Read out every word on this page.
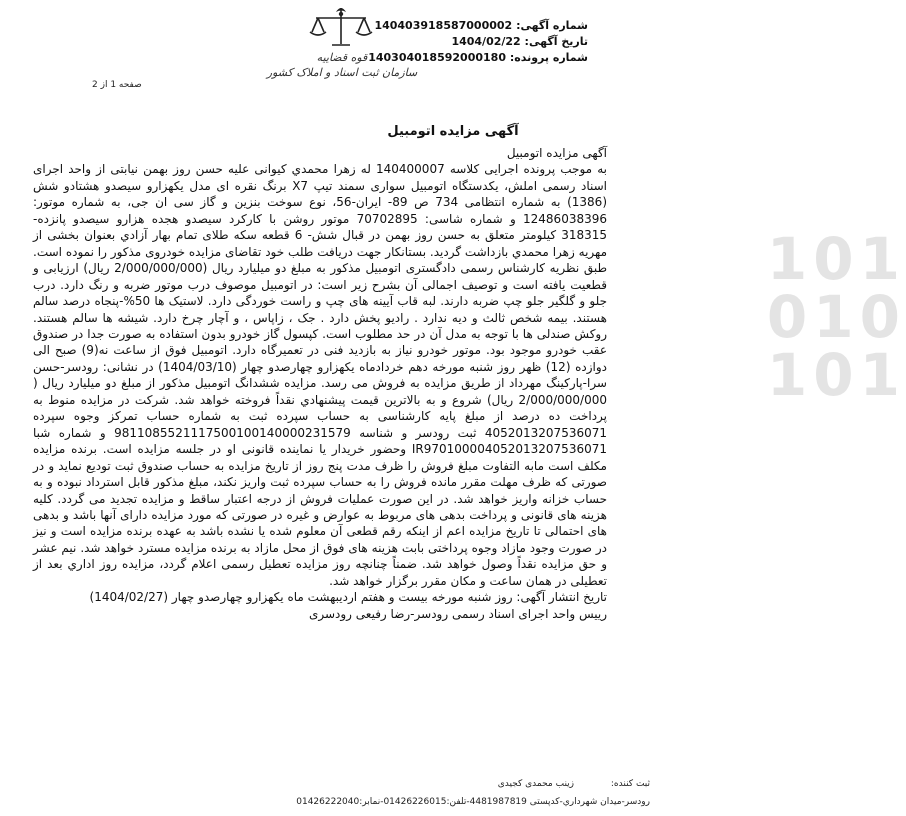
شماره آگهی: 140403918587000002
تاریخ آگهی: 1404/02/22
شماره پرونده: 140304018592000180
قوه قضاییه
سازمان ثبت اسناد و املاک کشور
صفحه 1 از 2
آگهی مزایده اتومبیل
101
010
101

آگهی مزایده اتومبیل

به موجب پرونده اجرایی کلاسه 140400007 له زهرا محمدي کیوانی علیه حسن روز بهمن نیابتی از واحد اجرای اسناد رسمی املش، یکدستگاه اتومبیل سواری سمند تیپ X7 برنگ نقره ای مدل یکهزارو سیصدو هشتادو شش (1386) به شماره انتظامی 734 ص 89- ایران-56، نوع سوخت بنزین و گاز سی ان جی، به شماره موتور: 12486038396 و شماره شاسی: 70702895 موتور روشن با کارکرد سیصدو هجده هزارو سیصدو پانزده- 318315 کیلومتر متعلق به حسن روز بهمن در قبال شش- 6 قطعه سکه طلای تمام بهار آزادي بعنوان بخشی از مهریه زهرا محمدي بازداشت گردید. بستانکار جهت دریافت طلب خود تقاضای مزایده خودروی مذکور را نموده است. طبق نظریه کارشناس رسمی دادگستری اتومبیل مذکور به مبلغ دو میلیارد ریال (2/000/000/000 ریال) ارزیابی و قطعیت یافته است و توصیف اجمالی آن بشرح زیر است: در اتومبیل موصوف درب موتور ضربه و رنگ دارد. درب جلو و گلگیر جلو چپ ضربه دارند. لبه قاب آیینه های چپ و راست خوردگی دارد. لاستیک ها 50%-پنجاه درصد سالم هستند. بیمه شخص ثالث و دیه ندارد . رادیو پخش دارد . جک ، زاپاس ، و آچار چرخ دارد. شیشه ها سالم هستند. روکش صندلی ها با توجه به مدل آن در حد مطلوب است. کپسول گاز خودرو بدون استفاده به صورت جدا در صندوق عقب خودرو موجود بود. موتور خودرو نیاز به بازدید فنی در تعمیرگاه دارد. اتومبیل فوق از ساعت نه(9) صبح الی دوازده (12) ظهر روز شنبه مورخه دهم خردادماه یکهزارو چهارصدو چهار (1404/03/10) در نشانی: رودسر-حسن سرا-پارکینگ مهرداد از طریق مزایده به فروش می رسد. مزایده ششدانگ اتومبیل مذکور از مبلغ دو میلیارد ریال ( 2/000/000/000 ریال) شروع و به بالاترین قیمت پیشنهادي نقداً فروخته خواهد شد. شرکت در مزایده منوط به پرداخت ده درصد از مبلغ پایه کارشناسی به حساب سپرده ثبت به شماره حساب تمرکز وجوه سپرده 4052013207536071 ثبت رودسر و شناسه 9811085521117500100140000231579 و شماره شبا IR970100004052013207536071 وحضور خریدار یا نماینده قانونی او در جلسه مزایده است. برنده مزایده مکلف است مابه التفاوت مبلغ فروش را ظرف مدت پنج روز از تاریخ مزایده به حساب صندوق ثبت تودیع نماید و در صورتی که ظرف مهلت مقرر مانده فروش را به حساب سپرده ثبت واریز نکند، مبلغ مذکور قابل استرداد نبوده و به حساب خزانه واریز خواهد شد. در این صورت عملیات فروش از درجه اعتبار ساقط و مزایده تجدید می گردد. کلیه هزینه های قانونی و پرداخت بدهی های مربوط به عوارض و غیره در صورتی که مورد مزایده دارای آنها باشد و بدهی های احتمالی تا تاریخ مزایده اعم از اینکه رقم قطعی آن معلوم شده یا نشده باشد به عهده برنده مزایده است و نیز در صورت وجود مازاد وجوه پرداختی بابت هزینه های فوق از محل مازاد به برنده مزایده مسترد خواهد شد. نیم عشر و حق مزایده نقداً وصول خواهد شد. ضمناً چنانچه روز مزایده تعطیل رسمی اعلام گردد، مزایده روز اداري بعد از تعطیلی در همان ساعت و مکان مقرر برگزار خواهد شد.

تاریخ انتشار آگهی: روز شنبه مورخه بیست و هفتم اردیبهشت ماه یکهزارو چهارصدو چهار (1404/02/27)

رییس واحد اجرای اسناد رسمی رودسر-رضا رفیعی رودسری

ثبت کننده: زینب محمدی کجیدی
رودسر-میدان شهرداري-کدپستی 4481987819-تلفن:01426226015-نمابر:01426222040
